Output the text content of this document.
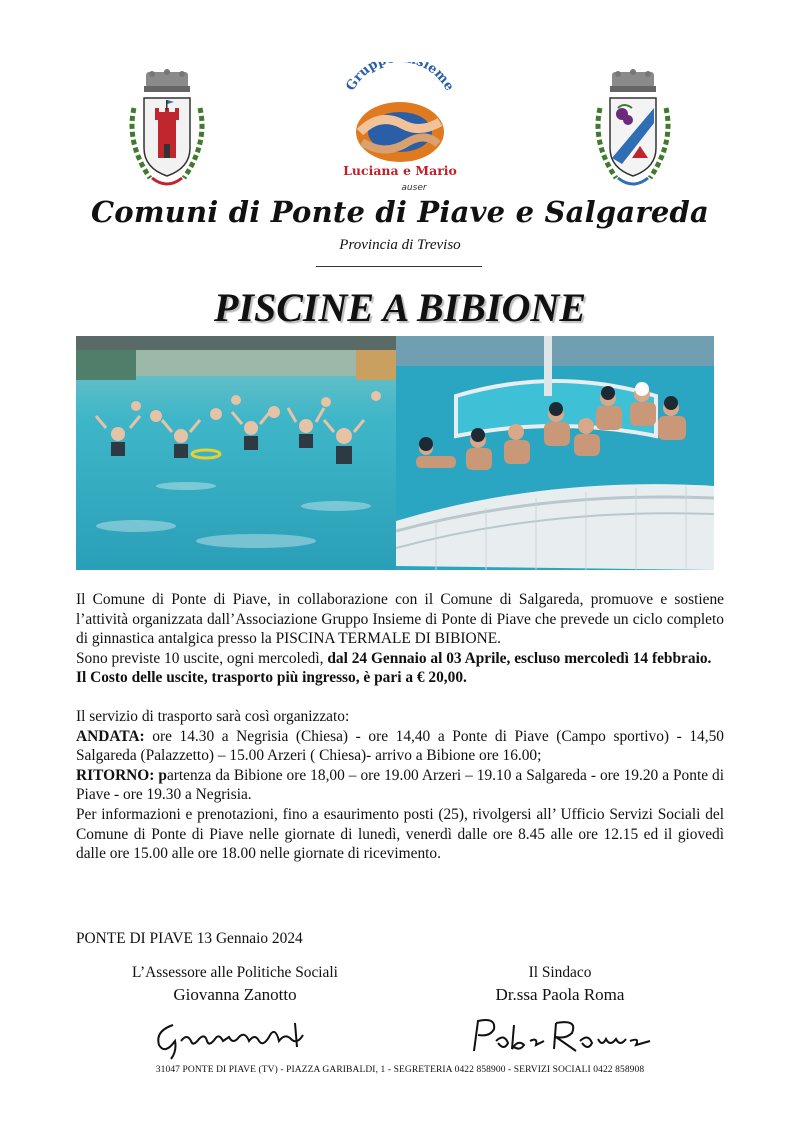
Grup sieme
Luciana e Mario
auser
Comuni di Ponte di Piave e Salgareda
Provincia di Treviso
PISCINE A BIBIONE

Il Comune di Ponte di Piave, in collaborazione con il Comune di Salgareda, promuove e sostiene l’attività organizzata dall’Associazione Gruppo Insieme di Ponte di Piave che prevede un ciclo completo di ginnastica antalgica presso la PISCINA TERMALE DI BIBIONE.

Sono previste 10 uscite, ogni mercoledì, dal 24 Gennaio al 03 Aprile, escluso mercoledì 14 febbraio.

Il Costo delle uscite, trasporto più ingresso, è pari a € 20,00.

Il servizio di trasporto sarà così organizzato:

ANDATA: ore 14.30 a Negrisia (Chiesa) - ore 14,40 a Ponte di Piave (Campo sportivo) - 14,50 Salgareda (Palazzetto) – 15.00 Arzeri ( Chiesa)- arrivo a Bibione ore 16.00;

RITORNO: partenza da Bibione ore 18,00 – ore 19.00 Arzeri – 19.10 a Salgareda - ore 19.20 a Ponte di Piave - ore 19.30 a Negrisia.

Per informazioni e prenotazioni, fino a esaurimento posti (25), rivolgersi all’ Ufficio Servizi Sociali del Comune di Ponte di Piave nelle giornate di lunedì, venerdì dalle ore 8.45 alle ore 12.15 ed il giovedì dalle ore 15.00 alle ore 18.00 nelle giornate di ricevimento.

PONTE DI PIAVE 13 Gennaio 2024
L’Assessore alle Politiche Sociali
Giovanna Zanotto
Il Sindaco
Dr.ssa Paola Roma
31047 PONTE DI PIAVE (TV) - PIAZZA GARIBALDI, 1 - SEGRETERIA 0422 858900 - SERVIZI SOCIALI 0422 858908
